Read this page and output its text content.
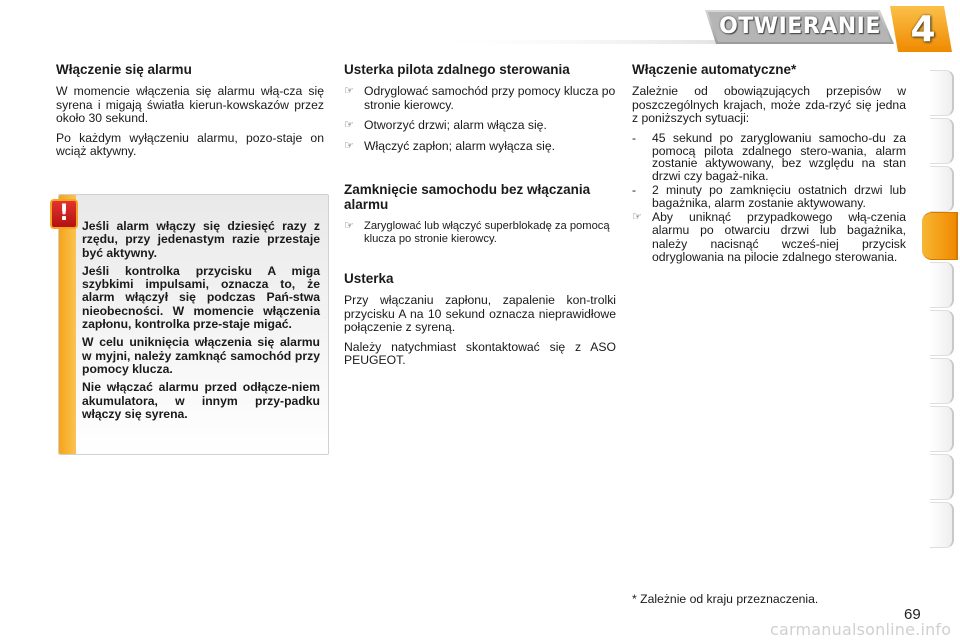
OTWIERANIE 4
Włączenie się alarmu

W momencie włączenia się alarmu włą-cza się syrena i migają światła kierun-kowskazów przez około 30 sekund.

Po każdym wyłączeniu alarmu, pozo-staje on wciąż aktywny.

!	Jeśli alarm włączy się dziesięć razy z rzędu, przy jedenastym razie przestaje być aktywny.

Jeśli kontrolka przycisku A miga szybkimi impulsami, oznacza to, że alarm włączył się podczas Pań-stwa nieobecności. W momencie włączenia zapłonu, kontrolka prze-staje migać.

W celu uniknięcia włączenia się alarmu w myjni, należy zamknąć samochód przy pomocy klucza.

Nie włączać alarmu przed odłącze-niem akumulatora, w innym przy-padku włączy się syrena.

Usterka pilota zdalnego sterowania
☞ Odryglować samochód przy pomocy klucza po stronie kierowcy.
☞ Otworzyć drzwi; alarm włącza się.
☞ Włączyć zapłon; alarm wyłącza się.
Zamknięcie samochodu bez włączania alarmu
☞ Zaryglować lub włączyć superblokadę za pomocą klucza po stronie kierowcy.
Usterka

Przy włączaniu zapłonu, zapalenie kon-trolki przycisku A na 10 sekund oznacza nieprawidłowe połączenie z syreną.

Należy natychmiast skontaktować się z ASO PEUGEOT.

Włączenie automatyczne*

Zależnie od obowiązujących przepisów w poszczególnych krajach, może zda-rzyć się jedna z poniższych sytuacji:

-	45 sekund po zaryglowaniu samocho-du za pomocą pilota zdalnego stero-wania, alarm zostanie aktywowany, bez względu na stan drzwi czy bagaż-nika.
-	2 minuty po zamknięciu ostatnich drzwi lub bagażnika, alarm zostanie aktywowany.
☞ Aby uniknąć przypadkowego włą-czenia alarmu po otwarciu drzwi lub bagażnika, należy nacisnąć wcześ-niej przycisk odryglowania na pilocie zdalnego sterowania.
* Zależnie od kraju przeznaczenia.
69
carmanualsonline.info
